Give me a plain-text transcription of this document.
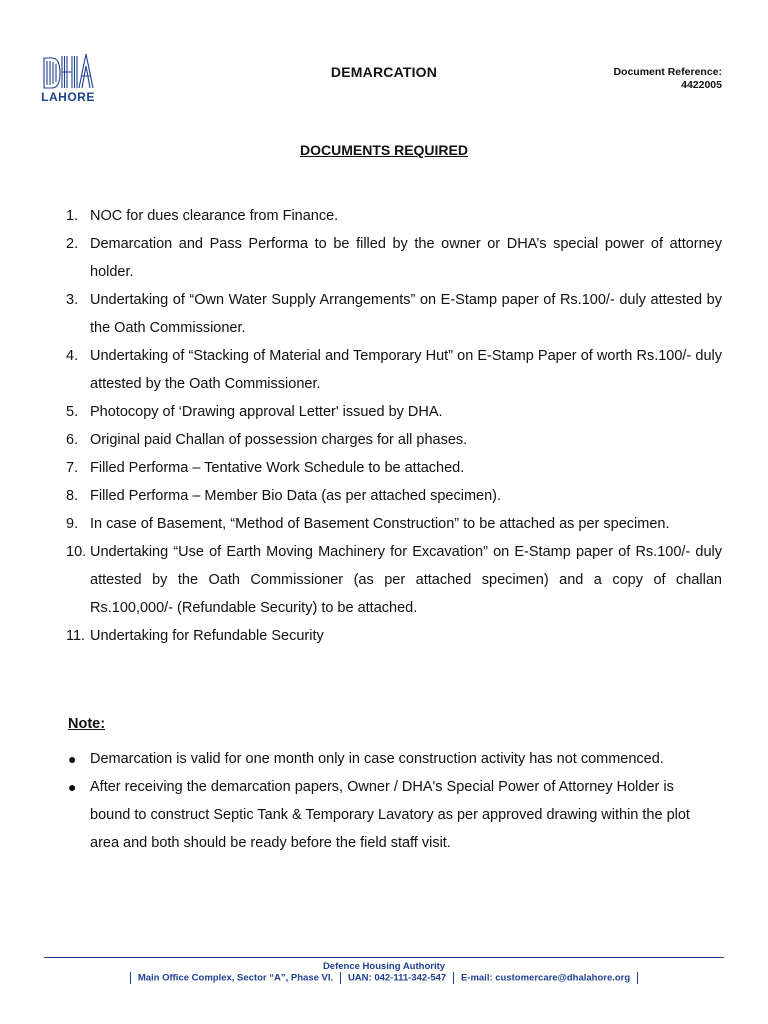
LAHORE
DEMARCATION	Document Reference:
4422005
DOCUMENTS REQUIRED
1. NOC for dues clearance from Finance.
2. Demarcation and Pass Performa to be filled by the owner or DHA’s special power of attorney holder.
3. Undertaking of “Own Water Supply Arrangements” on E-Stamp paper of Rs.100/- duly attested by the Oath Commissioner.
4. Undertaking of “Stacking of Material and Temporary Hut” on E-Stamp Paper of worth Rs.100/- duly attested by the Oath Commissioner.
5. Photocopy of ‘Drawing approval Letter' issued by DHA.
6. Original paid Challan of possession charges for all phases.
7. Filled Performa – Tentative Work Schedule to be attached.
8. Filled Performa – Member Bio Data (as per attached specimen).
9. In case of Basement, “Method of Basement Construction” to be attached as per specimen.
10. Undertaking “Use of Earth Moving Machinery for Excavation” on E-Stamp paper of Rs.100/- duly attested by the Oath Commissioner (as per attached specimen) and a copy of challan Rs.100,000/- (Refundable Security) to be attached.
11. Undertaking for Refundable Security
Note:
● Demarcation is valid for one month only in case construction activity has not commenced.
● After receiving the demarcation papers, Owner / DHA's Special Power of Attorney Holder is bound to construct Septic Tank & Temporary Lavatory as per approved drawing within the plot area and both should be ready before the field staff visit.
Defence Housing Authority
Main Office Complex, Sector “A”, Phase VI. UAN: 042-111-342-547 E-mail: customercare@dhalahore.org
